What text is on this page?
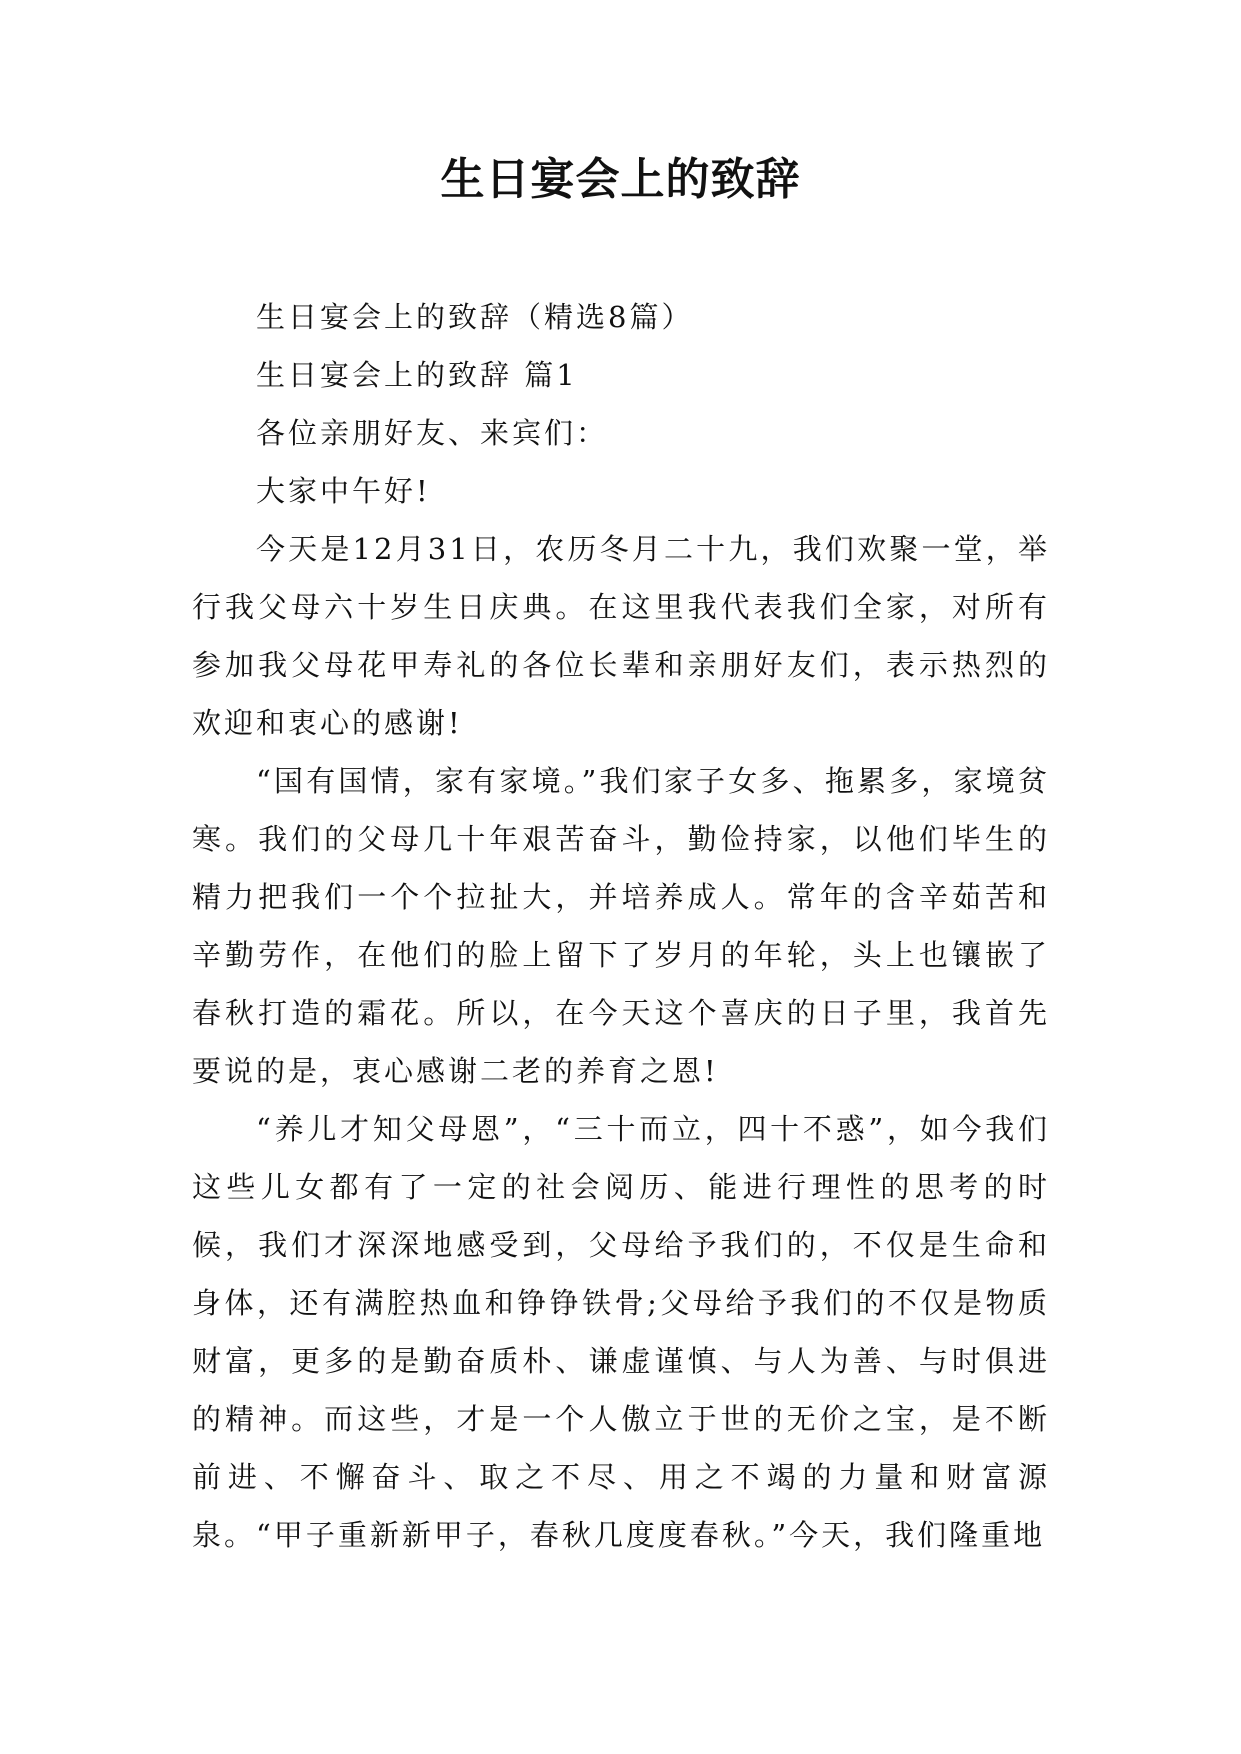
生日宴会上的致辞

生日宴会上的致辞（精选8篇）

生日宴会上的致辞 篇1

各位亲朋好友、来宾们：

大家中午好!

今天是12月31日，农历冬月二十九，我们欢聚一堂，举行我父母六十岁生日庆典。在这里我代表我们全家，对所有参加我父母花甲寿礼的各位长辈和亲朋好友们，表示热烈的欢迎和衷心的感谢!

“国有国情，家有家境。”我们家子女多、拖累多，家境贫寒。我们的父母几十年艰苦奋斗，勤俭持家，以他们毕生的精力把我们一个个拉扯大，并培养成人。常年的含辛茹苦和辛勤劳作，在他们的脸上留下了岁月的年轮，头上也镶嵌了春秋打造的霜花。所以，在今天这个喜庆的日子里，我首先要说的是，衷心感谢二老的养育之恩!

“养儿才知父母恩”，“三十而立，四十不惑”，如今我们这些儿女都有了一定的社会阅历、能进行理性的思考的时候，我们才深深地感受到，父母给予我们的，不仅是生命和身体，还有满腔热血和铮铮铁骨;父母给予我们的不仅是物质财富，更多的是勤奋质朴、谦虚谨慎、与人为善、与时俱进的精神。而这些，才是一个人傲立于世的无价之宝，是不断前进、不懈奋斗、取之不尽、用之不竭的力量和财富源泉。“甲子重新新甲子，春秋几度度春秋。”今天，我们隆重地
